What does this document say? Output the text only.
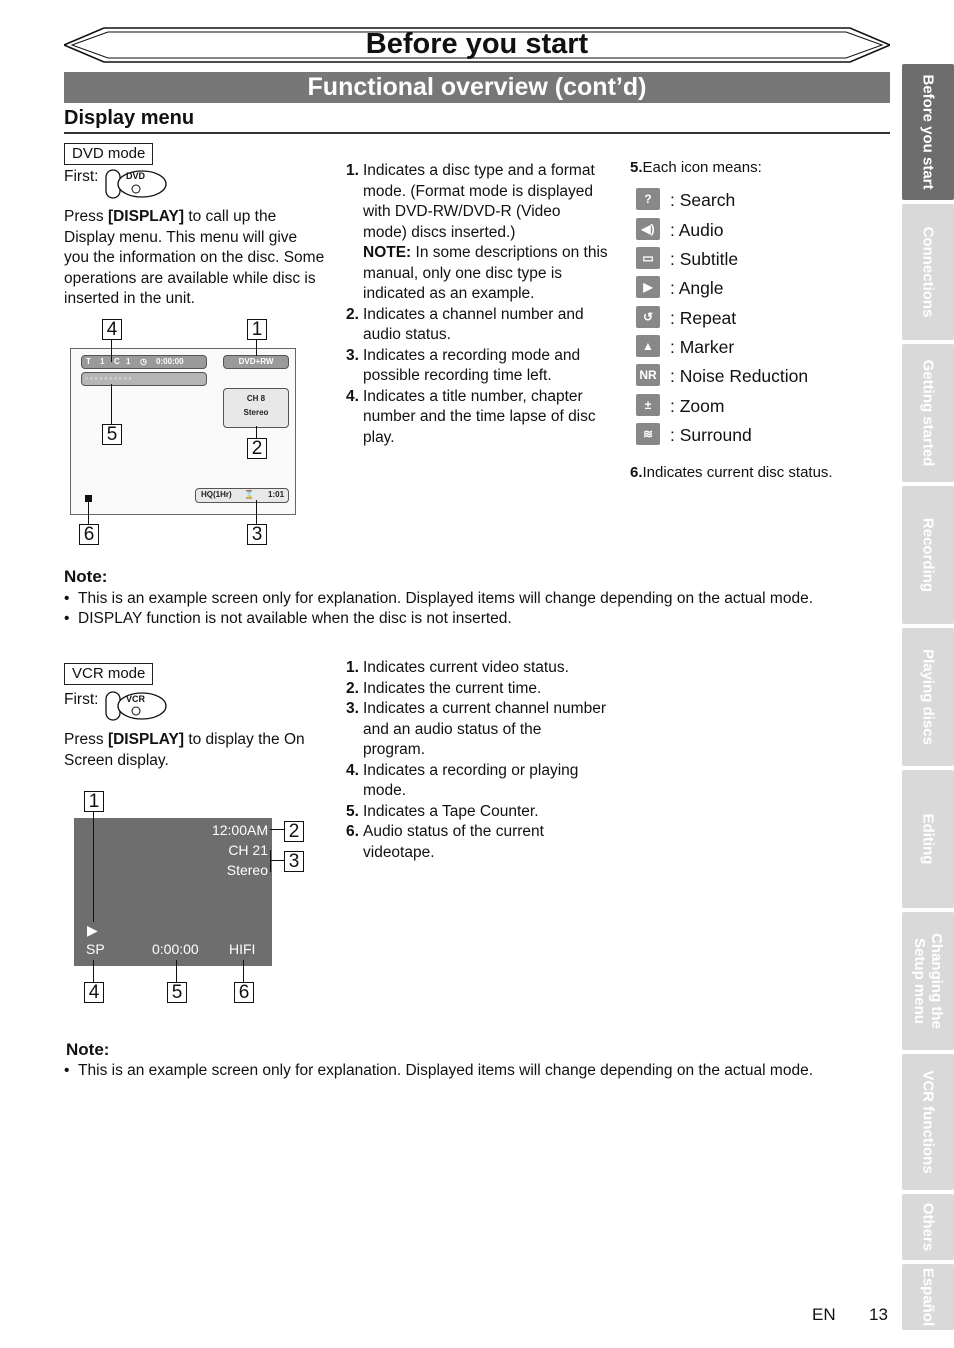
Before you start
Functional overview (cont’d)
Display menu	Before you start
Connections
Getting started
Recording
Playing discs
Editing
Changing the Setup menu
VCR functions
Others
Español
DVD mode
First:	DVD
Press [DISPLAY] to call up the Display menu. This menu will give you the information on the disc. Some operations are available while disc is inserted in the unit.
T 1 C 1 ◷ 0:00:00	DVD+RW
▫▫▫▫▫▫▫▫▫▫
CH 8
Stereo
HQ(1Hr) ⌛ 1:01
4	1
5
2
6	3
1. Indicates a disc type and a format mode. (Format mode is displayed with DVD-RW/DVD-R (Video mode) discs inserted.)
NOTE: In some descriptions on this manual, only one disc type is indicated as an example.
2. Indicates a channel number and audio status.
3. Indicates a recording mode and possible recording time left.
4. Indicates a title number, chapter number and the time lapse of disc play.
5.Each icon means:
?	: Search
◀) : Audio
▭ : Subtitle
▶ : Angle
↺ : Repeat
▲ : Marker
NR : Noise Reduction
±	: Zoom
≋ : Surround
6.Indicates current disc status.
Note:
•  This is an example screen only for explanation. Displayed items will change depending on the actual mode.
•  DISPLAY function is not available when the disc is not inserted.
VCR mode
First:	VCR
Press [DISPLAY] to display the On Screen display.
12:00AM
CH 21
Stereo
▶
SP	0:00:00 HIFI
1
2
3
4	5	6
1. Indicates current video status.
2. Indicates the current time.
3. Indicates a current channel number and an audio status of the program.
4. Indicates a recording or playing mode.
5. Indicates a Tape Counter.
6. Audio status of the current videotape.
Note:
•  This is an example screen only for explanation. Displayed items will change depending on the actual mode.
EN 13
